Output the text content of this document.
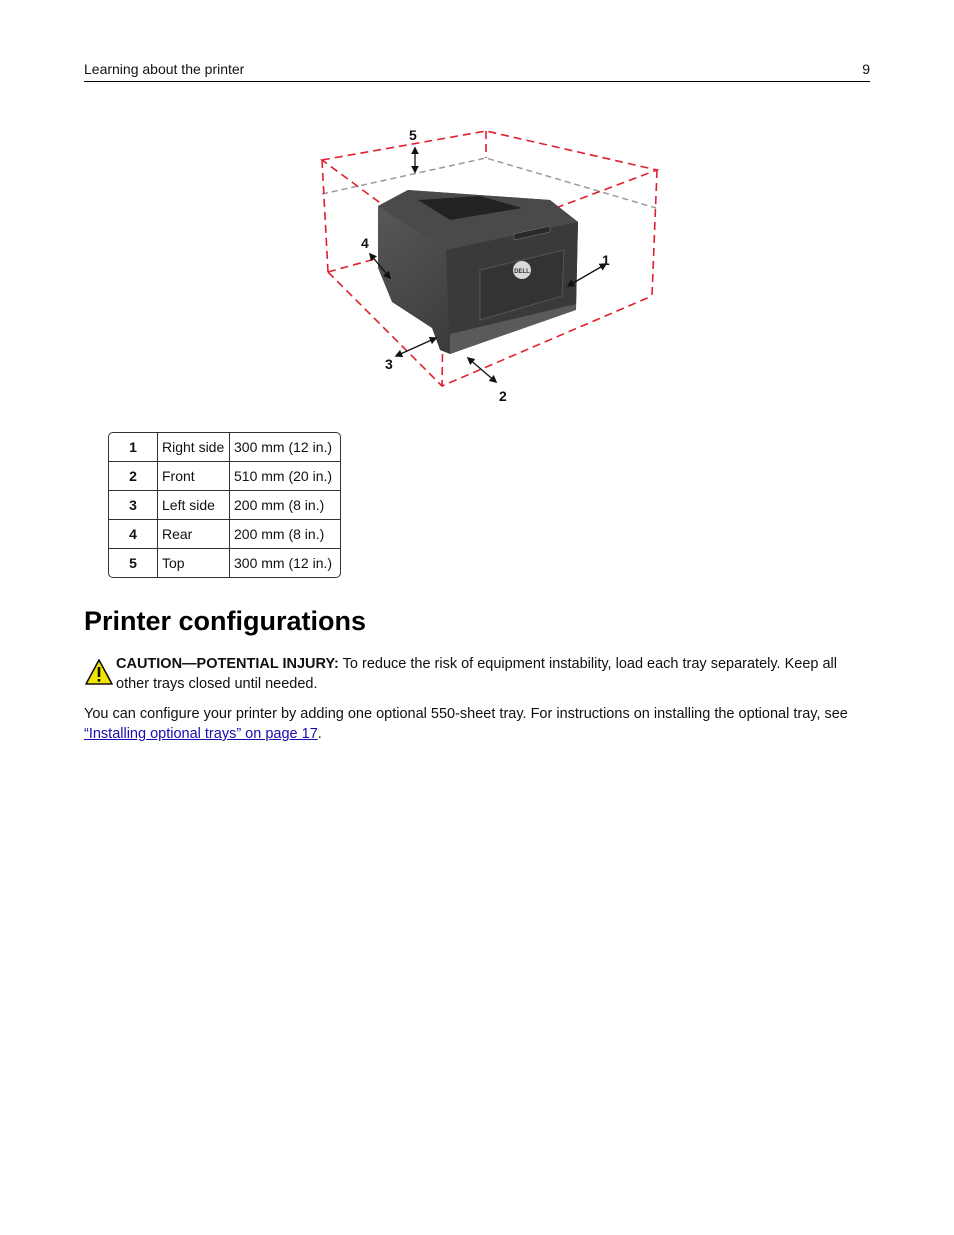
Learning about the printer	9
DELL
1
2
3
4
5
1	Right side	300 mm (12 in.)
2	Front	510 mm (20 in.)
3	Left side	200 mm (8 in.)
4	Rear	200 mm (8 in.)
5	Top	300 mm (12 in.)
Printer configurations
CAUTION—POTENTIAL INJURY: To reduce the risk of equipment instability, load each tray separately. Keep all other trays closed until needed.
You can configure your printer by adding one optional 550‑sheet tray. For instructions on installing the optional tray, see “Installing optional trays” on page 17.
